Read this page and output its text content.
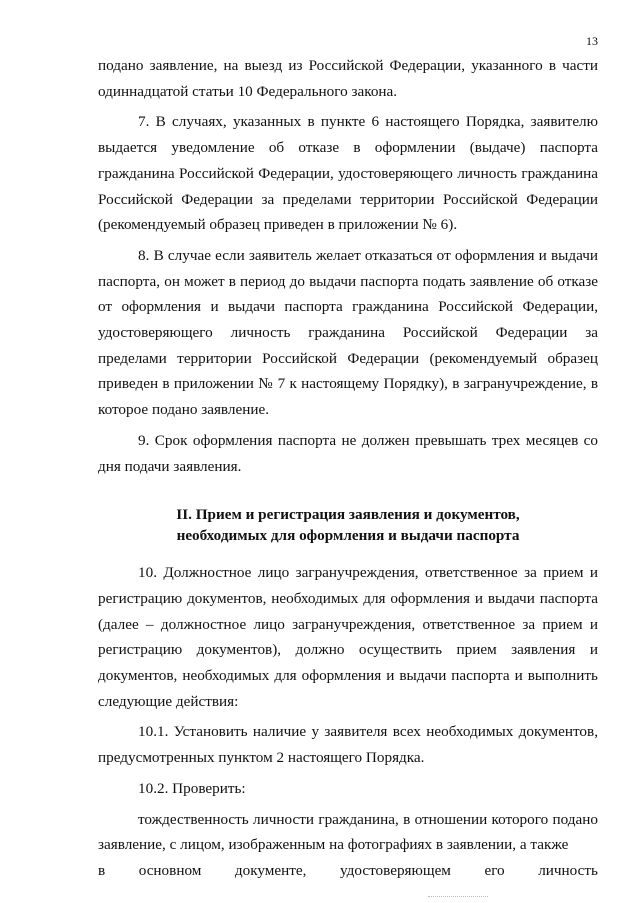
13

подано заявление, на выезд из Российской Федерации, указанного в части одиннадцатой статьи 10 Федерального закона.

7. В случаях, указанных в пункте 6 настоящего Порядка, заявителю выдается уведомление об отказе в оформлении (выдаче) паспорта гражданина Российской Федерации, удостоверяющего личность гражданина Российской Федерации за пределами территории Российской Федерации (рекомендуемый образец приведен в приложении № 6).

8. В случае если заявитель желает отказаться от оформления и выдачи паспорта, он может в период до выдачи паспорта подать заявление об отказе от оформления и выдачи паспорта гражданина Российской Федерации, удостоверяющего личность гражданина Российской Федерации за пределами территории Российской Федерации (рекомендуемый образец приведен в приложении № 7 к настоящему Порядку), в загранучреждение, в которое подано заявление.

9. Срок оформления паспорта не должен превышать трех месяцев со дня подачи заявления.

II. Прием и регистрация заявления и документов,
необходимых для оформления и выдачи паспорта

10. Должностное лицо загранучреждения, ответственное за прием и регистрацию документов, необходимых для оформления и выдачи паспорта (далее – должностное лицо загранучреждения, ответственное за прием и регистрацию документов), должно осуществить прием заявления и документов, необходимых для оформления и выдачи паспорта и выполнить следующие действия:

10.1. Установить наличие у заявителя всех необходимых документов, предусмотренных пунктом 2 настоящего Порядка.

10.2. Проверить:

тождественность личности гражданина, в отношении которого подано заявление, с лицом, изображенным на фотографиях в заявлении, а также

в основном документе, удостоверяющем его личность
